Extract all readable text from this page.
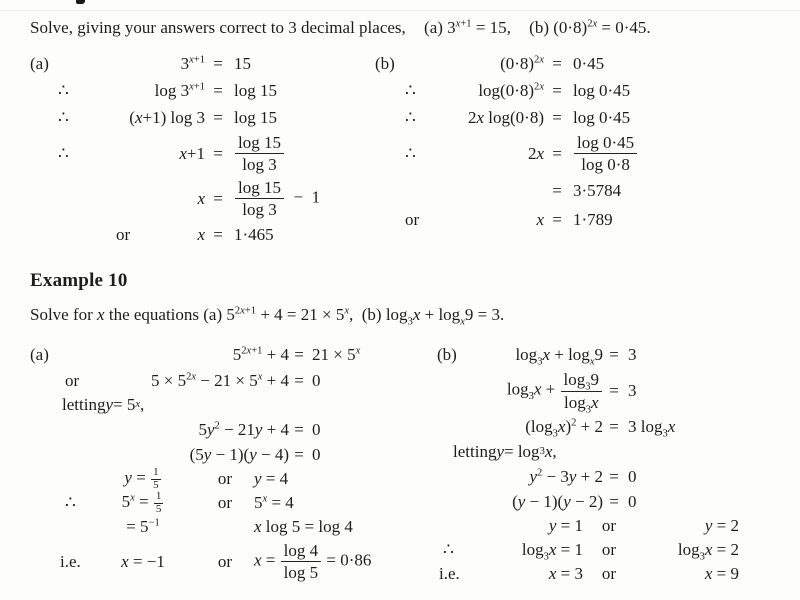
Solve, giving your answers correct to 3 decimal places, (a) $3^{x+1} = 15$, (b) $(0\cdot 8)^{2x} = 0\cdot 45$.
(a)	$3^{x+1} = 15$
∴	$\log 3^{x+1} = \log 15$
∴	(x+1) log 3 = log 15
∴	$x+1 = \frac{\log 15}{\log 3}$
$x = \frac{\log 15}{\log 3} - 1$
or	x = 1·465
(b)	$(0\cdot 8)^{2x} = 0\cdot 45$
∴	$\log(0\cdot 8)^{2x} = \log 0\cdot 45$
∴	2x log(0·8) = log 0·45
∴	$2x = \frac{\log 0\cdot 45}{\log 0\cdot 8}$
= 3·5784
or	x = 1·789
Example 10
Solve for x the equations (a) $5^{2x+1} + 4 = 21 \times 5^x$,  (b) $\log_3x + \log_x9 = 3$.
(a)	$5^{2x+1} + 4 = 21 \times 5^x$
or	$5 \times 5^{2x} - 21 \times 5^x + 4 = 0$
letting y = 5 x ,
$5y^2 - 21y + 4 = 0$
(5y − 1)(y − 4) = 0
$y = \frac{1}{5}$	or	y = 4
∴	$5^x = \frac{1}{5}$	or	$5^x = 4$
= $5^{-1}$	x log 5 = log 4
i.e.	x = −1	or	$x = \frac{\log 4}{\log 5} = 0\cdot 86$
(b)	$\log_3x + \log_x9 = 3$
$\log_3x + \frac{\log_39}{\log_3x} = 3$
$(\log_3x)^2 + 2 = 3$ $\log_3x$
letting y = log 3 x ,
$y^2 - 3y + 2 = 0$
(y − 1)(y − 2) = 0
y = 1	or	y = 2
∴	$\log_3x = 1$	or	$\log_3x = 2$
i.e.	x = 3	or	x = 9
